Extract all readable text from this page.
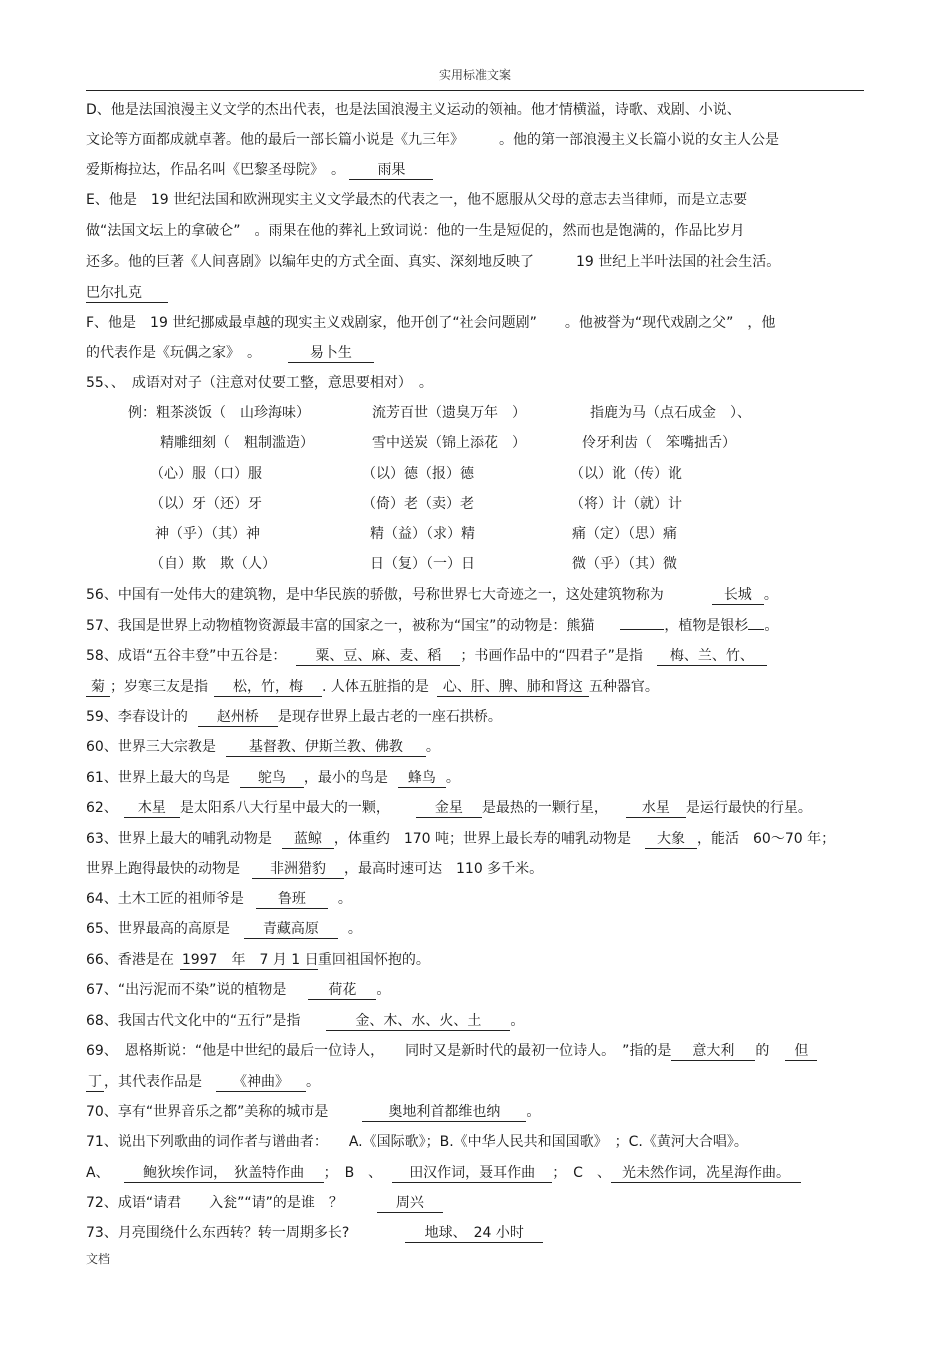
实用标准文案
D、他是法国浪漫主义文学的杰出代表，也是法国浪漫主义运动的领袖。他才情横溢，诗歌、戏剧、小说、
文论等方面都成就卓著。他的最后一部长篇小说是《九三年》　　　。他的第一部浪漫主义长篇小说的女主人公是
爱斯梅拉达，作品名叫《巴黎圣母院》　。 雨果
E、他是　19 世纪法国和欧洲现实主义文学最杰的代表之一，他不愿服从父母的意志去当律师，而是立志要
做“法国文坛上的拿破仑”　。雨果在他的葬礼上致词说：他的一生是短促的，然而也是饱满的，作品比岁月
还多。他的巨著《人间喜剧》以编年史的方式全面、真实、深刻地反映了　　　19 世纪上半叶法国的社会生活。
巴尔扎克
F、他是　19 世纪挪威最卓越的现实主义戏剧家，他开创了“社会问题剧”　　。他被誉为“现代戏剧之父”　，他
的代表作是《玩偶之家》　。	易卜生
55、、　成语对对子（注意对仗要工整，意思要相对）　。
例：粗茶淡饭（　山珍海味）	流芳百世（遗臭万年　）	指鹿为马（点石成金　）、
精雕细刻（　粗制滥造）	雪中送炭（锦上添花　）	伶牙利齿（　笨嘴拙舌）
（心）服（口）服	（以）德（报）德	（以）讹（传）讹
（以）牙（还）牙	（倚）老（卖）老	（将）计（就）计
神（乎）（其）神	精（益）（求）精	痛（定）（思）痛
（自）欺　欺（人）	日（复）（一）日	微（乎）（其）微
56、中国有一处伟大的建筑物，是中华民族的骄傲，号称世界七大奇迹之一，这处建筑物称为	长城 。
57、我国是世界上动物植物资源最丰富的国家之一，被称为“国宝”的动物是：熊猫	，植物是银杉 。
58、成语“五谷丰登”中五谷是： 粟、豆、麻、麦、稻 ；书画作品中的“四君子”是指 梅、兰、竹、
菊 ；岁寒三友是指 松，竹，梅 . 人体五脏指的是 心、肝、脾、肺和肾这 五种器官。
59、李春设计的 赵州桥 是现存世界上最古老的一座石拱桥。
60、世界三大宗教是 基督教、伊斯兰教、佛教 。
61、世界上最大的鸟是 鸵鸟 ，最小的鸟是 蜂鸟 。
62、 木星 是太阳系八大行星中最大的一颗，	金星 是最热的一颗行星， 水星 是运行最快的行星。
63、世界上最大的哺乳动物是 蓝鲸 ，体重约　170 吨；世界上最长寿的哺乳动物是 大象 ，能活　60～70 年；
世界上跑得最快的动物是 非洲猎豹 ，最高时速可达　110 多千米。
64、土木工匠的祖师爷是 鲁班 。
65、世界最高的高原是 青藏高原 。
66、香港是在 1997　年　7 月 1 日重回祖国怀抱的。
67、“出污泥而不染”说的植物是	荷花 。
68、我国古代文化中的“五行”是指	金、木、水、火、土 。
69、　恩格斯说：“他是中世纪的最后一位诗人，　　同时又是新时代的最初一位诗人。　”指的是 意大利 的 但
丁 ，其代表作品是 《神曲》 。
70、享有“世界音乐之都”美称的城市是	奥地利首都维也纳 。
71、说出下列歌曲的词作者与谱曲者：　　A.《国际歌》；B.《中华人民共和国国歌》　；C.《黄河大合唱》。
A、 鲍狄埃作词，　狄盖特作曲 ；　B　、 田汉作词，聂耳作曲 ；　C　、 光未然作词，冼星海作曲。
72、成语“请君　　入瓮”“请”的是谁　？	周兴
73、月亮围绕什么东西转？转一周期多长?	地球、　24 小时
文档
